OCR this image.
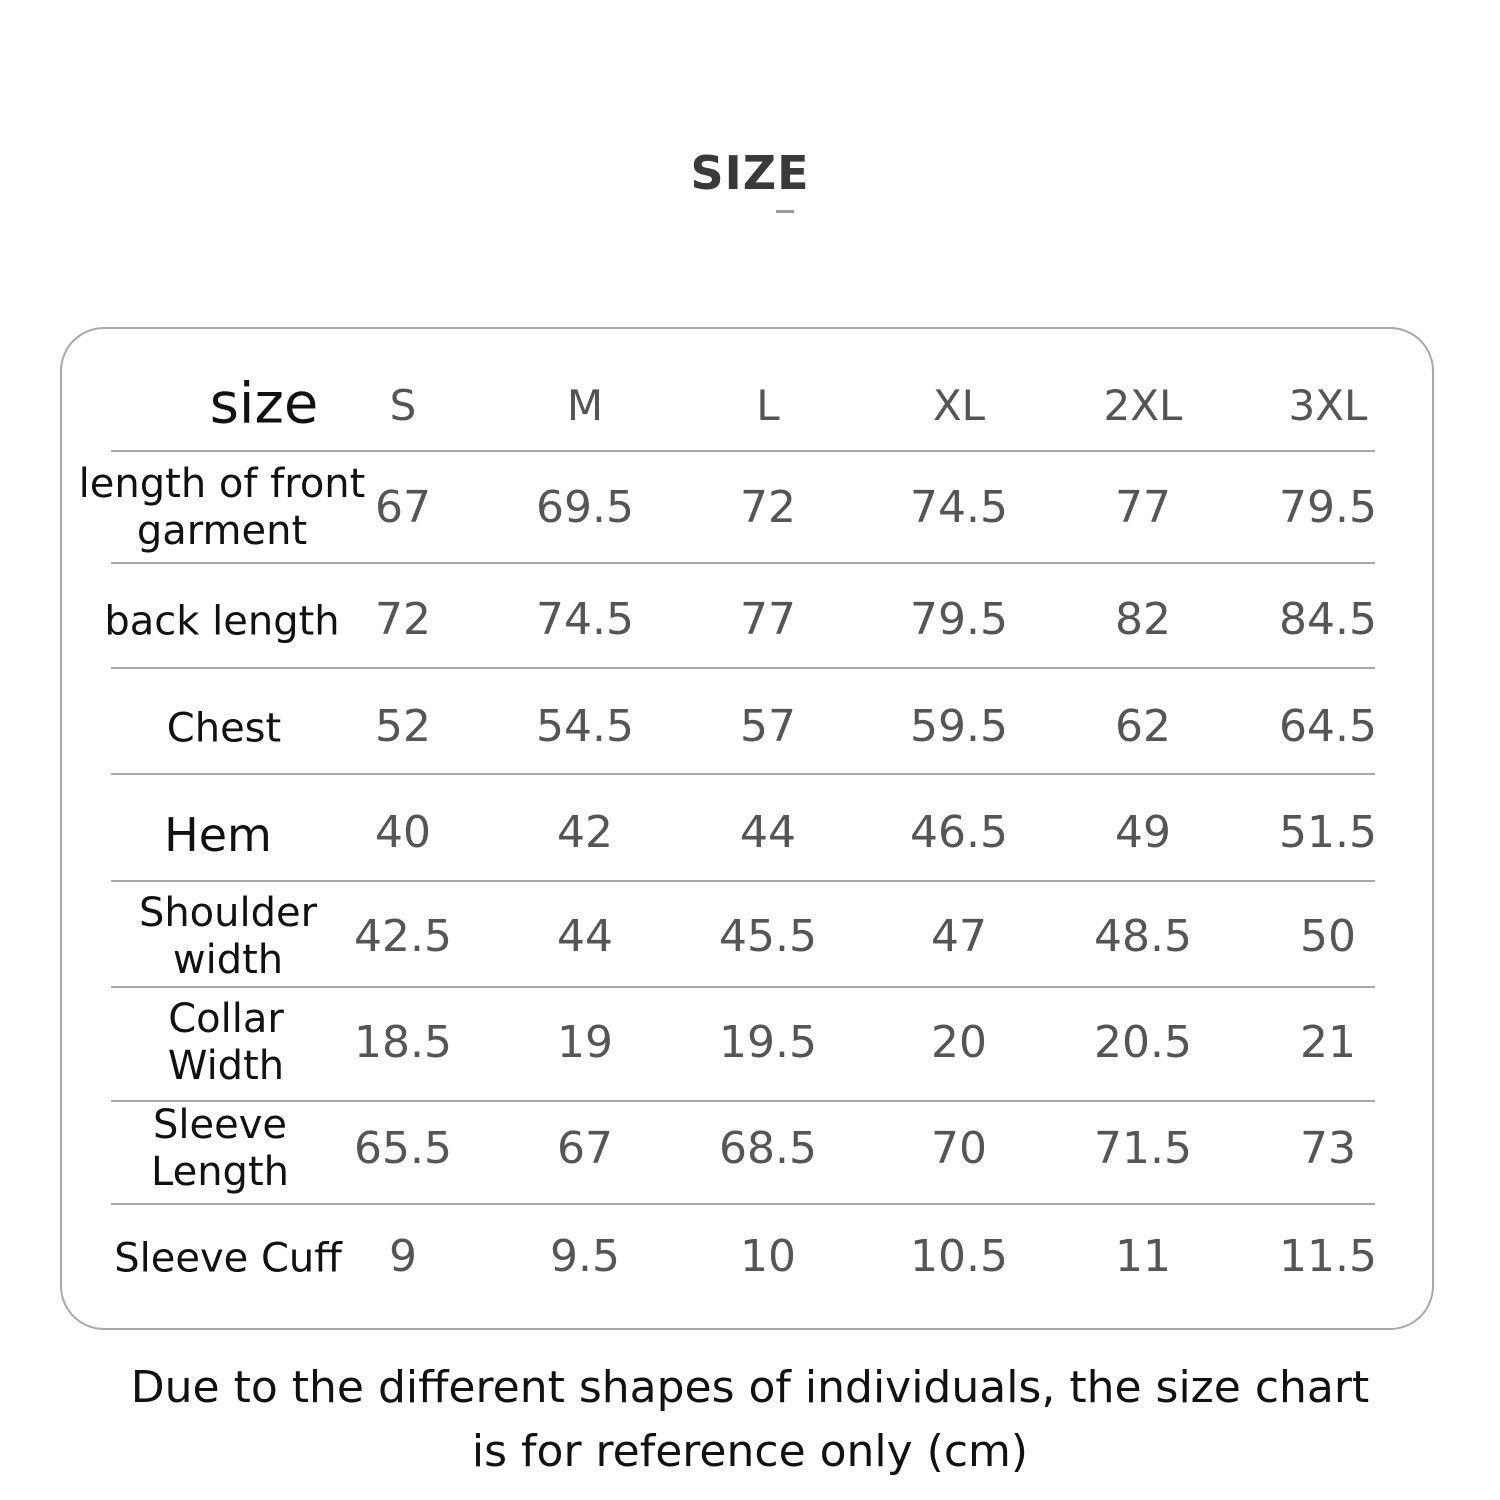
SIZE
size S	M	L	XL	2XL	3XL
length of front
garment	67 69.5 72	74.5 77 79.5
back length 72 74.5 77	79.5 82 84.5
Chest 52 54.5 57	59.5 62 64.5
Hem 40	42	44	46.5 49 51.5
Shoulder
width	42.5 44 45.5	47 48.5 50
Collar
Width 18.5 19 19.5	20 20.5 21
Sleeve
Length 65.5 67 68.5	70 71.5 73
Sleeve Cuff 9	9.5	10	10.5 11 11.5
Due to the different shapes of individuals, the size chart
is for reference only (cm)
